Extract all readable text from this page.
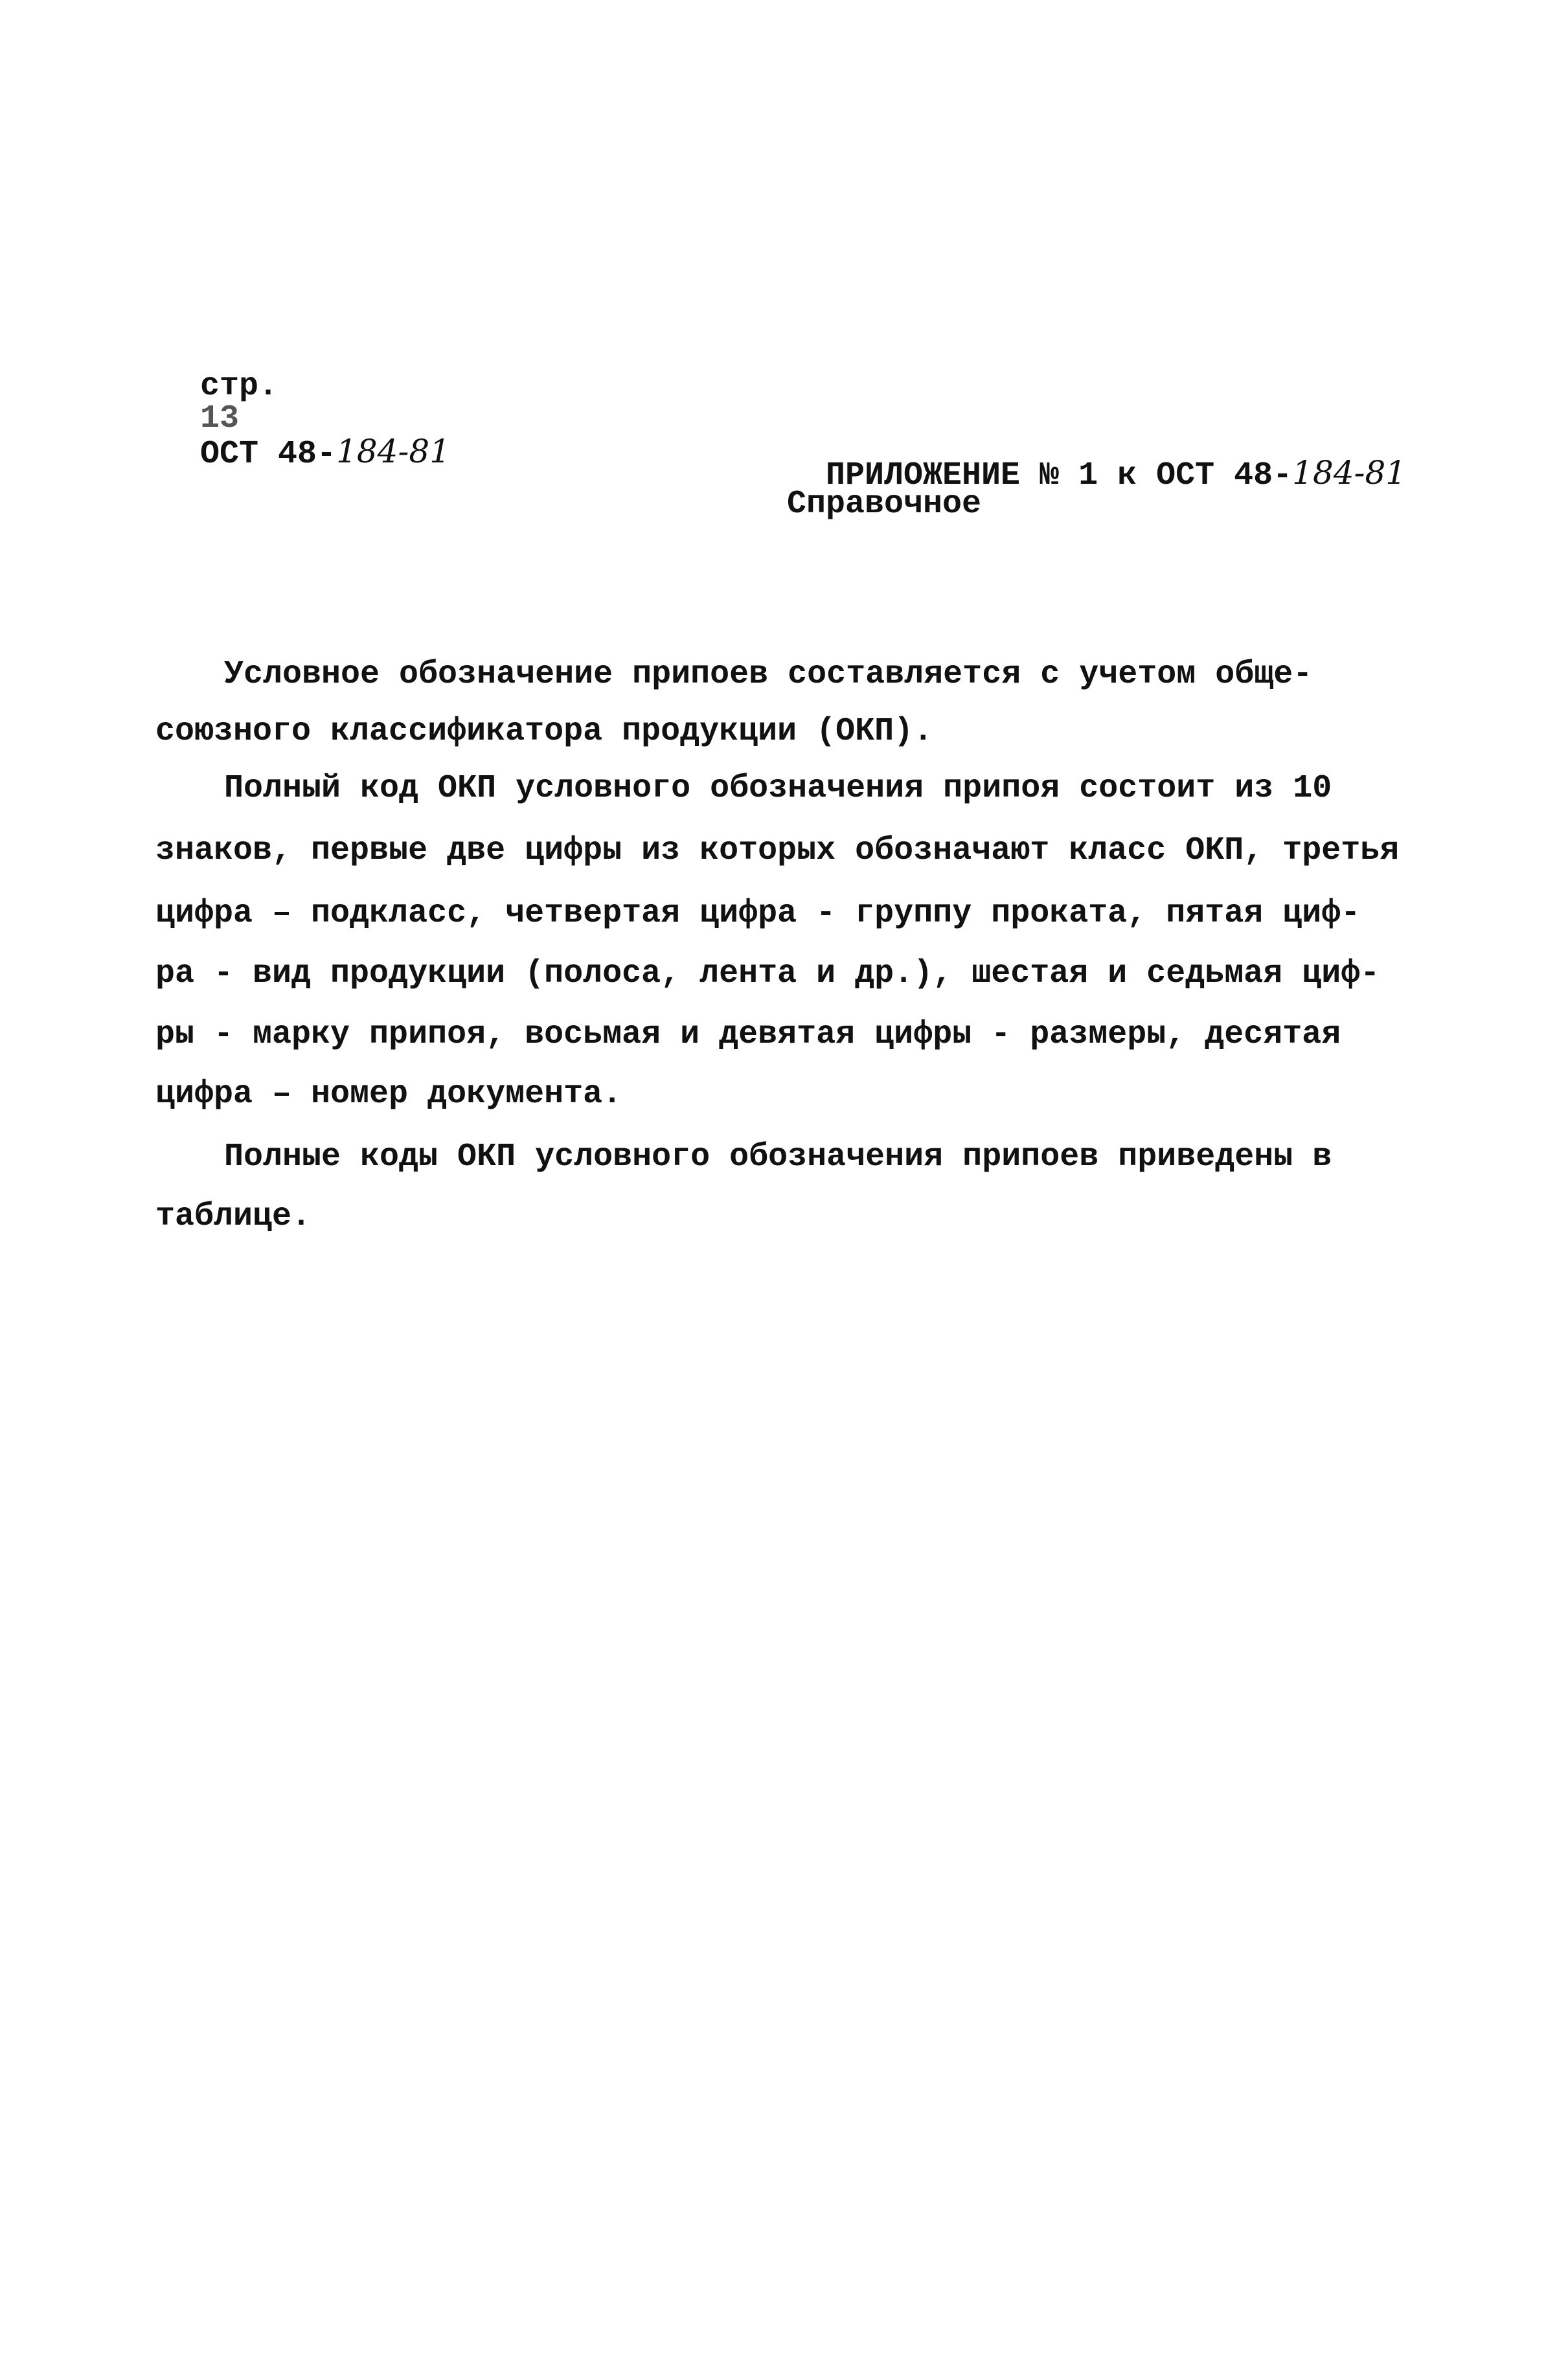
стр.
13
ОСТ 48-184-81

ПРИЛОЖЕНИЕ № 1 к ОСТ 48-184-81

Справочное
Условное обозначение припоев составляется с учетом обще-
союзного классификатора продукции (ОКП).
Полный код ОКП условного обозначения припоя состоит из 10
знаков, первые две цифры из которых обозначают класс ОКП, третья
цифра – подкласс, четвертая цифра - группу проката, пятая циф-
ра - вид продукции (полоса, лента и др.), шестая и седьмая циф-
ры - марку припоя, восьмая и девятая цифры - размеры, десятая
цифра – номер документа.
Полные коды ОКП условного обозначения припоев приведены в
таблице.
